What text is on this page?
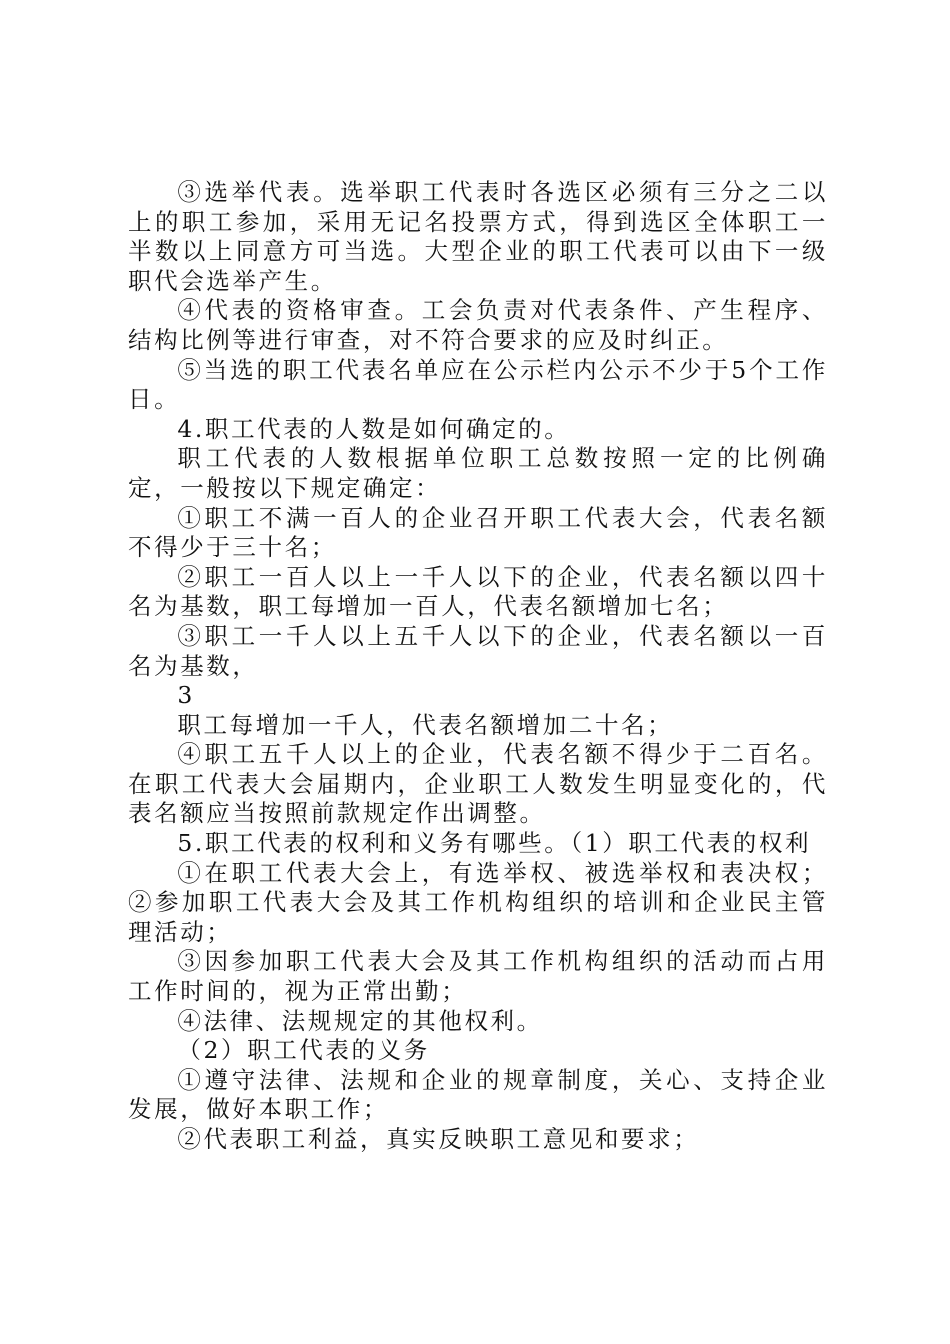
③选举代表。选举职工代表时各选区必须有三分之二以上的职工参加，采用无记名投票方式，得到选区全体职工一半数以上同意方可当选。大型企业的职工代表可以由下一级职代会选举产生。

④代表的资格审查。工会负责对代表条件、产生程序、结构比例等进行审查，对不符合要求的应及时纠正。

⑤当选的职工代表名单应在公示栏内公示不少于5个工作日。

4.职工代表的人数是如何确定的。

职工代表的人数根据单位职工总数按照一定的比例确定，一般按以下规定确定：

①职工不满一百人的企业召开职工代表大会，代表名额不得少于三十名；

②职工一百人以上一千人以下的企业，代表名额以四十名为基数，职工每增加一百人，代表名额增加七名；

③职工一千人以上五千人以下的企业，代表名额以一百名为基数，

3

职工每增加一千人，代表名额增加二十名；

④职工五千人以上的企业，代表名额不得少于二百名。在职工代表大会届期内，企业职工人数发生明显变化的，代表名额应当按照前款规定作出调整。

5.职工代表的权利和义务有哪些。（1）职工代表的权利

①在职工代表大会上，有选举权、被选举权和表决权；②参加职工代表大会及其工作机构组织的培训和企业民主管理活动；

③因参加职工代表大会及其工作机构组织的活动而占用工作时间的，视为正常出勤；

④法律、法规规定的其他权利。

（2）职工代表的义务

①遵守法律、法规和企业的规章制度，关心、支持企业发展，做好本职工作；

②代表职工利益，真实反映职工意见和要求；
